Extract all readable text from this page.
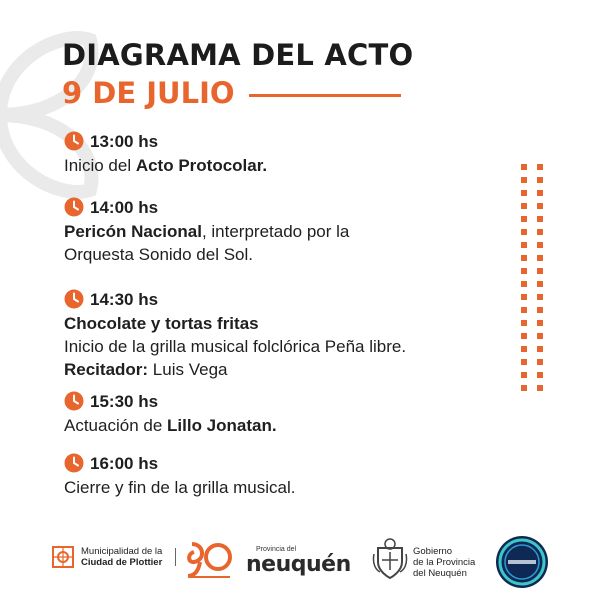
DIAGRAMA DEL ACTO
9 DE JULIO
13:00 hs
Inicio del Acto Protocolar.
14:00 hs
Pericón Nacional, interpretado por la
Orquesta Sonido del Sol.
14:30 hs
Chocolate y tortas fritas
Inicio de la grilla musical folclórica Peña libre.
Recitador: Luis Vega
15:30 hs
Actuación de Lillo Jonatan.
16:00 hs
Cierre y fin de la grilla musical.
Municipalidad de la
Ciudad de Plottier
Provincia del
neuquén
Gobierno
de la Provincia
del Neuquén
